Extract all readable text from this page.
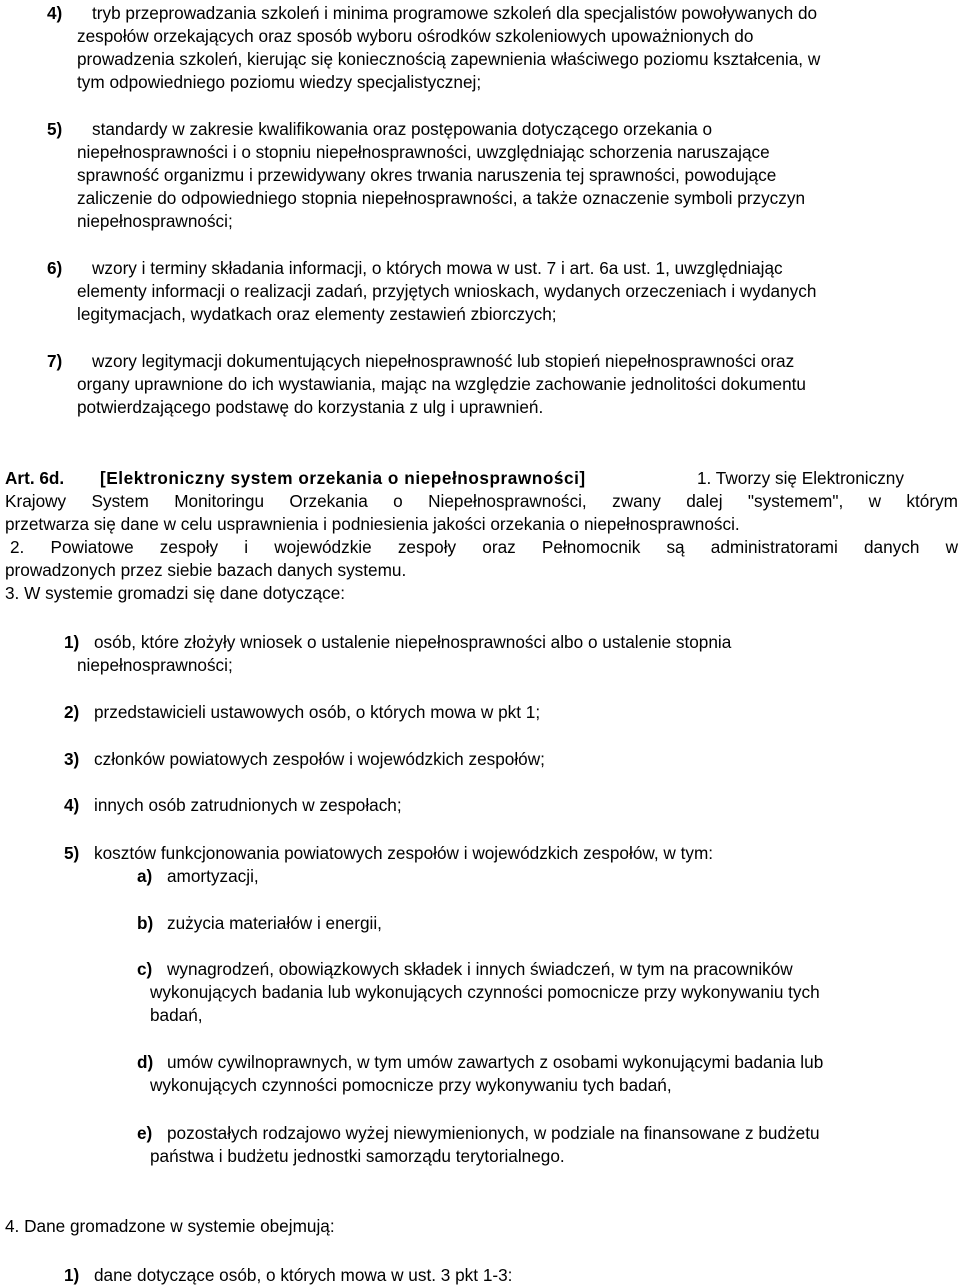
4) tryb przeprowadzania szkoleń i minima programowe szkoleń dla specjalistów powoływanych do
zespołów orzekających oraz sposób wyboru ośrodków szkoleniowych upoważnionych do
prowadzenia szkoleń, kierując się koniecznością zapewnienia właściwego poziomu kształcenia, w
tym odpowiedniego poziomu wiedzy specjalistycznej;
5) standardy w zakresie kwalifikowania oraz postępowania dotyczącego orzekania o
niepełnosprawności i o stopniu niepełnosprawności, uwzględniając schorzenia naruszające
sprawność organizmu i przewidywany okres trwania naruszenia tej sprawności, powodujące
zaliczenie do odpowiedniego stopnia niepełnosprawności, a także oznaczenie symboli przyczyn
niepełnosprawności;
6) wzory i terminy składania informacji, o których mowa w ust. 7 i art. 6a ust. 1, uwzględniając
elementy informacji o realizacji zadań, przyjętych wnioskach, wydanych orzeczeniach i wydanych
legitymacjach, wydatkach oraz elementy zestawień zbiorczych;
7) wzory legitymacji dokumentujących niepełnosprawność lub stopień niepełnosprawności oraz
organy uprawnione do ich wystawiania, mając na względzie zachowanie jednolitości dokumentu
potwierdzającego podstawę do korzystania z ulg i uprawnień.
Art. 6d. [Elektroniczny system orzekania o niepełnosprawności]	1. Tworzy się Elektroniczny
Krajowy System Monitoringu Orzekania o Niepełnosprawności, zwany dalej "systemem", w którym
przetwarza się dane w celu usprawnienia i podniesienia jakości orzekania o niepełnosprawności.
2. Powiatowe zespoły i wojewódzkie zespoły oraz Pełnomocnik są administratorami danych w
prowadzonych przez siebie bazach danych systemu.
3. W systemie gromadzi się dane dotyczące:
1) osób, które złożyły wniosek o ustalenie niepełnosprawności albo o ustalenie stopnia
niepełnosprawności;
2) przedstawicieli ustawowych osób, o których mowa w pkt 1;
3) członków powiatowych zespołów i wojewódzkich zespołów;
4) innych osób zatrudnionych w zespołach;
5) kosztów funkcjonowania powiatowych zespołów i wojewódzkich zespołów, w tym:
a) amortyzacji,
b) zużycia materiałów i energii,
c) wynagrodzeń, obowiązkowych składek i innych świadczeń, w tym na pracowników
wykonujących badania lub wykonujących czynności pomocnicze przy wykonywaniu tych
badań,
d) umów cywilnoprawnych, w tym umów zawartych z osobami wykonującymi badania lub
wykonujących czynności pomocnicze przy wykonywaniu tych badań,
e) pozostałych rodzajowo wyżej niewymienionych, w podziale na finansowane z budżetu
państwa i budżetu jednostki samorządu terytorialnego.
4. Dane gromadzone w systemie obejmują:
1) dane dotyczące osób, o których mowa w ust. 3 pkt 1-3:
